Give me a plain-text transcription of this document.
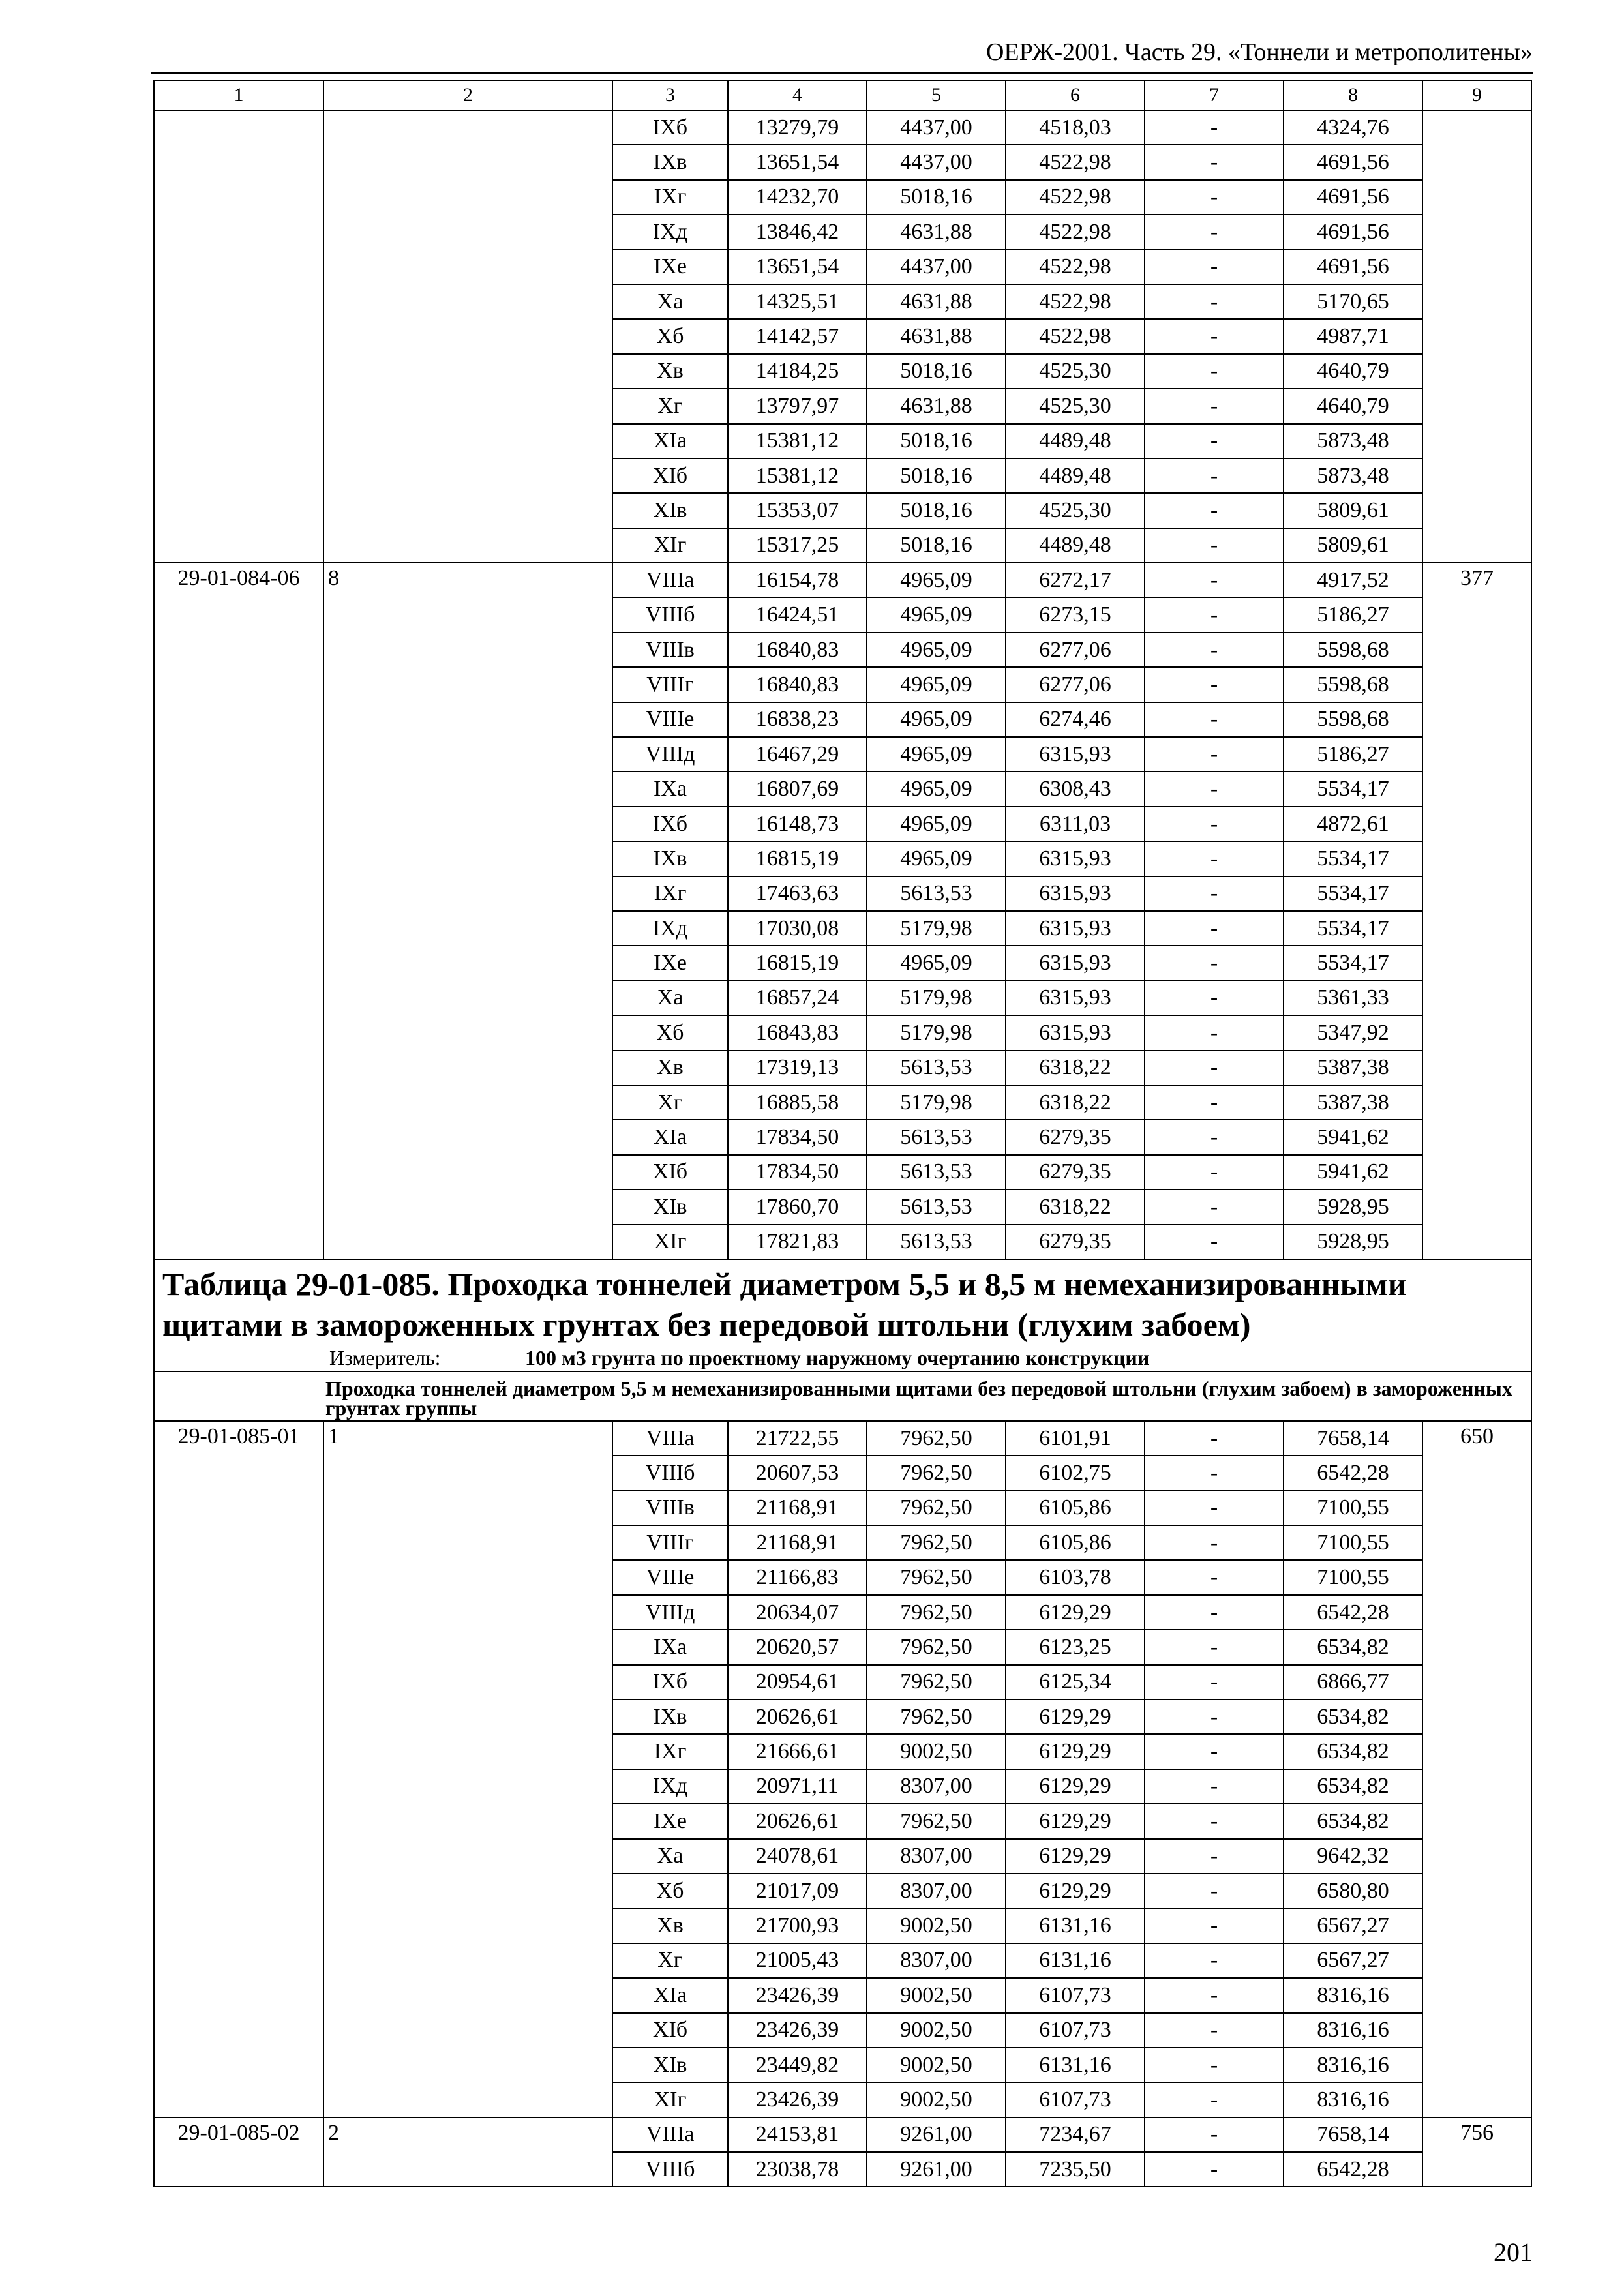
ОЕРЖ-2001. Часть 29. «Тоннели и метрополитены»
1	2	3	4	5	6	7	8	9
		IXб	13279,79	4437,00	4518,03	-	4324,76	
		IXв	13651,54	4437,00	4522,98	-	4691,56	
		IXг	14232,70	5018,16	4522,98	-	4691,56	
		IXд	13846,42	4631,88	4522,98	-	4691,56	
		IXе	13651,54	4437,00	4522,98	-	4691,56	
		Xа	14325,51	4631,88	4522,98	-	5170,65	
		Xб	14142,57	4631,88	4522,98	-	4987,71	
		Xв	14184,25	5018,16	4525,30	-	4640,79	
		Xг	13797,97	4631,88	4525,30	-	4640,79	
		XIа	15381,12	5018,16	4489,48	-	5873,48	
		XIб	15381,12	5018,16	4489,48	-	5873,48	
		XIв	15353,07	5018,16	4525,30	-	5809,61	
		XIг	15317,25	5018,16	4489,48	-	5809,61	
29-01-084-06	8	VIIIа	16154,78	4965,09	6272,17	-	4917,52	377
		VIIIб	16424,51	4965,09	6273,15	-	5186,27	
		VIIIв	16840,83	4965,09	6277,06	-	5598,68	
		VIIIг	16840,83	4965,09	6277,06	-	5598,68	
		VIIIе	16838,23	4965,09	6274,46	-	5598,68	
		VIIIд	16467,29	4965,09	6315,93	-	5186,27	
		IXа	16807,69	4965,09	6308,43	-	5534,17	
		IXб	16148,73	4965,09	6311,03	-	4872,61	
		IXв	16815,19	4965,09	6315,93	-	5534,17	
		IXг	17463,63	5613,53	6315,93	-	5534,17	
		IXд	17030,08	5179,98	6315,93	-	5534,17	
		IXе	16815,19	4965,09	6315,93	-	5534,17	
		Xа	16857,24	5179,98	6315,93	-	5361,33	
		Xб	16843,83	5179,98	6315,93	-	5347,92	
		Xв	17319,13	5613,53	6318,22	-	5387,38	
		Xг	16885,58	5179,98	6318,22	-	5387,38	
		XIа	17834,50	5613,53	6279,35	-	5941,62	
		XIб	17834,50	5613,53	6279,35	-	5941,62	
		XIв	17860,70	5613,53	6318,22	-	5928,95	
		XIг	17821,83	5613,53	6279,35	-	5928,95	

Таблица 29-01-085. Проходка тоннелей диаметром 5,5 и 8,5 м немеханизированными щитами в замороженных грунтах без передовой штольни (глухим забоем)
Измеритель: 100 м3 грунта по проектному наружному очертанию конструкции								

Проходка тоннелей диаметром 5,5 м немеханизированными щитами без передовой штольни (глухим забоем) в замороженных грунтах группы								
29-01-085-01	1	VIIIа	21722,55	7962,50	6101,91	-	7658,14	650
		VIIIб	20607,53	7962,50	6102,75	-	6542,28	
		VIIIв	21168,91	7962,50	6105,86	-	7100,55	
		VIIIг	21168,91	7962,50	6105,86	-	7100,55	
		VIIIе	21166,83	7962,50	6103,78	-	7100,55	
		VIIIд	20634,07	7962,50	6129,29	-	6542,28	
		IXа	20620,57	7962,50	6123,25	-	6534,82	
		IXб	20954,61	7962,50	6125,34	-	6866,77	
		IXв	20626,61	7962,50	6129,29	-	6534,82	
		IXг	21666,61	9002,50	6129,29	-	6534,82	
		IXд	20971,11	8307,00	6129,29	-	6534,82	
		IXе	20626,61	7962,50	6129,29	-	6534,82	
		Xа	24078,61	8307,00	6129,29	-	9642,32	
		Xб	21017,09	8307,00	6129,29	-	6580,80	
		Xв	21700,93	9002,50	6131,16	-	6567,27	
		Xг	21005,43	8307,00	6131,16	-	6567,27	
		XIа	23426,39	9002,50	6107,73	-	8316,16	
		XIб	23426,39	9002,50	6107,73	-	8316,16	
		XIв	23449,82	9002,50	6131,16	-	8316,16	
		XIг	23426,39	9002,50	6107,73	-	8316,16	
29-01-085-02	2	VIIIа	24153,81	9261,00	7234,67	-	7658,14	756
		VIIIб	23038,78	9261,00	7235,50	-	6542,28	
201
